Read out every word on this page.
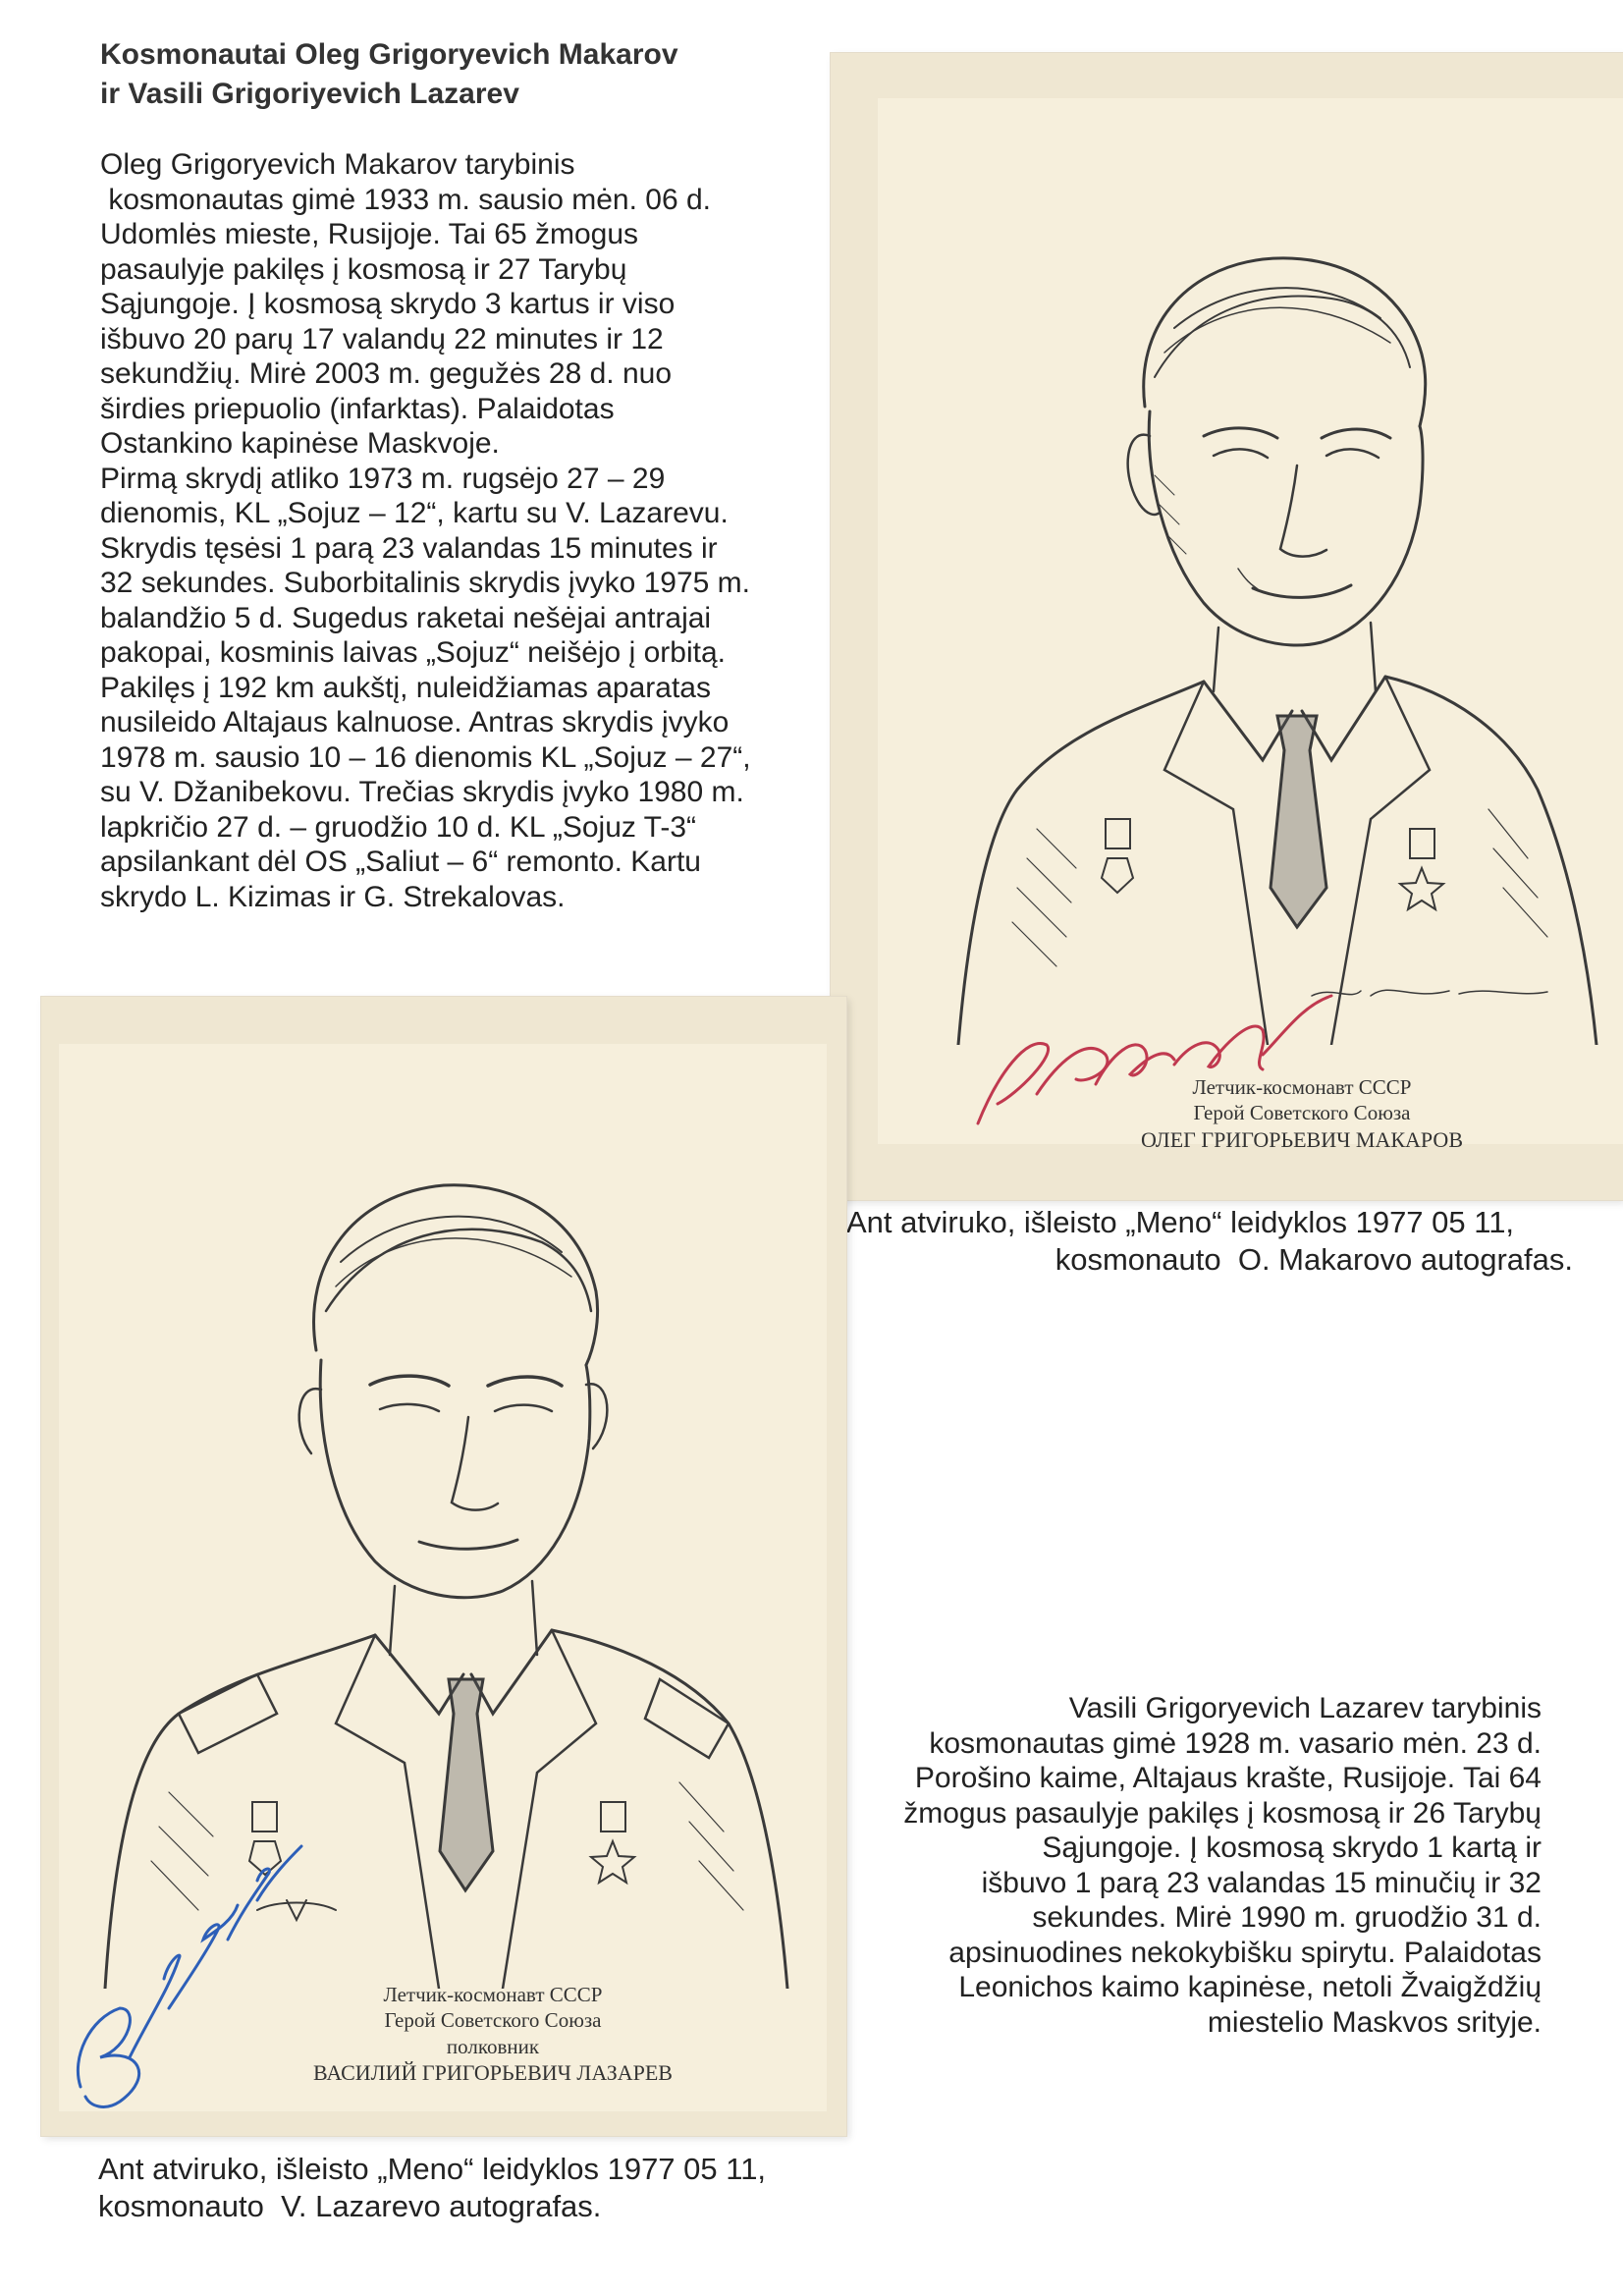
Kosmonautai Oleg Grigoryevich Makarov
ir Vasili Grigoriyevich Lazarev

Oleg Grigoryevich Makarov tarybinis

kosmonautas gimė 1933 m. sausio mėn. 06 d.

Udomlės mieste, Rusijoje. Tai 65 žmogus

pasaulyje pakilęs į kosmosą ir 27 Tarybų

Sąjungoje. Į kosmosą skrydo 3 kartus ir viso

išbuvo 20 parų 17 valandų 22 minutes ir 12

sekundžių. Mirė 2003 m. gegužės 28 d. nuo

širdies priepuolio (infarktas). Palaidotas

Ostankino kapinėse Maskvoje.

Pirmą skrydį atliko 1973 m. rugsėjo 27 – 29

dienomis, KL „Sojuz – 12“, kartu su V. Lazarevu.

Skrydis tęsėsi 1 parą 23 valandas 15 minutes ir

32 sekundes. Suborbitalinis skrydis įvyko 1975 m.

balandžio 5 d. Sugedus raketai nešėjai antrajai

pakopai, kosminis laivas „Sojuz“ neišėjo į orbitą.

Pakilęs į 192 km aukštį, nuleidžiamas aparatas

nusileido Altajaus kalnuose. Antras skrydis įvyko

1978 m. sausio 10 – 16 dienomis KL „Sojuz – 27“,

su V. Džanibekovu. Trečias skrydis įvyko 1980 m.

lapkričio 27 d. – gruodžio 10 d. KL „Sojuz T-3“

apsilankant dėl OS „Saliut – 6“ remonto. Kartu

skrydo L. Kizimas ir G. Strekalovas.

Летчик-космонавт СССР
Герой Советского Союза
ОЛЕГ ГРИГОРЬЕВИЧ МАКАРОВ
Ant atviruko, išleisto „Meno“ leidyklos 1977 05 11,
kosmonauto  O. Makarovo autografas.
Летчик-космонавт СССР
Герой Советского Союза
полковник
ВАСИЛИЙ ГРИГОРЬЕВИЧ ЛАЗАРЕВ
Ant atviruko, išleisto „Meno“ leidyklos 1977 05 11,
kosmonauto  V. Lazarevo autografas.

Vasili Grigoryevich Lazarev tarybinis

kosmonautas gimė 1928 m. vasario mėn. 23 d.

Porošino kaime, Altajaus krašte, Rusijoje. Tai 64

žmogus pasaulyje pakilęs į kosmosą ir 26 Tarybų

Sąjungoje. Į kosmosą skrydo 1 kartą ir

išbuvo 1 parą 23 valandas 15 minučių ir 32

sekundes. Mirė 1990 m. gruodžio 31 d.

apsinuodines nekokybišku spirytu. Palaidotas

Leonichos kaimo kapinėse, netoli Žvaigždžių

miestelio Maskvos srityje.
